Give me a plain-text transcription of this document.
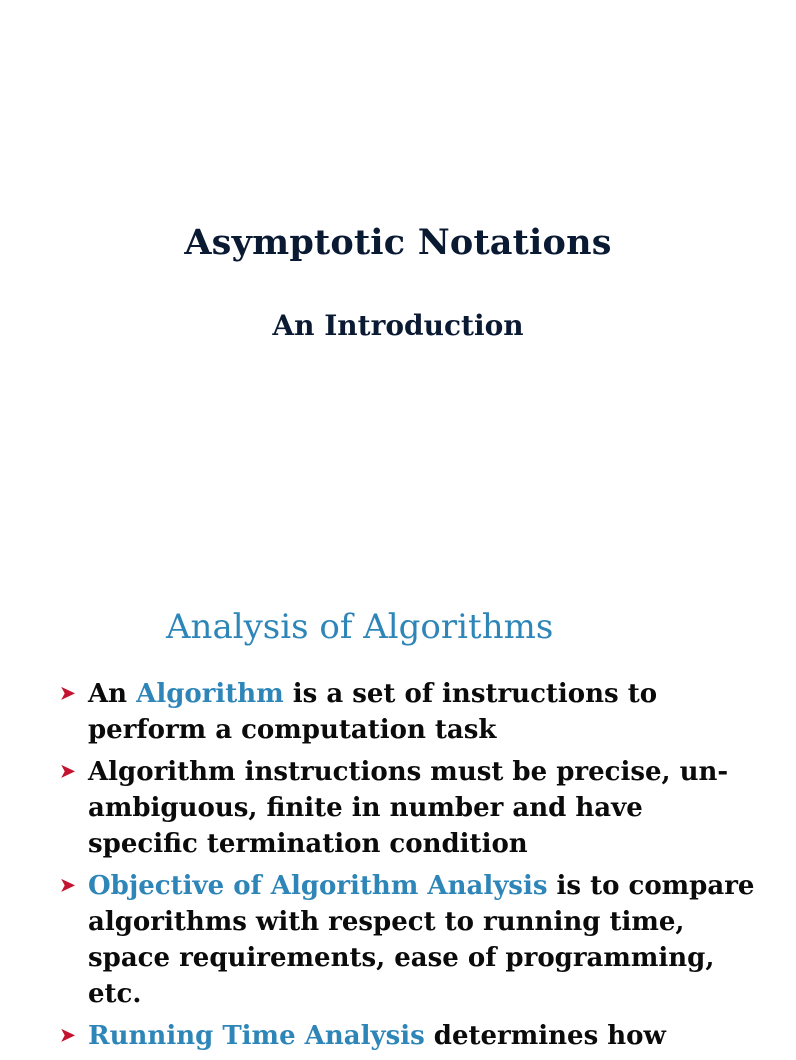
Asymptotic Notations
An Introduction
Analysis of Algorithms
➤ An Algorithm is a set of instructions to perform a computation task
➤ Algorithm instructions must be precise, un-ambiguous, finite in number and have specific termination condition
➤ Objective of Algorithm Analysis is to compare algorithms with respect to running time, space requirements, ease of programming, etc.
➤ Running Time Analysis determines how
